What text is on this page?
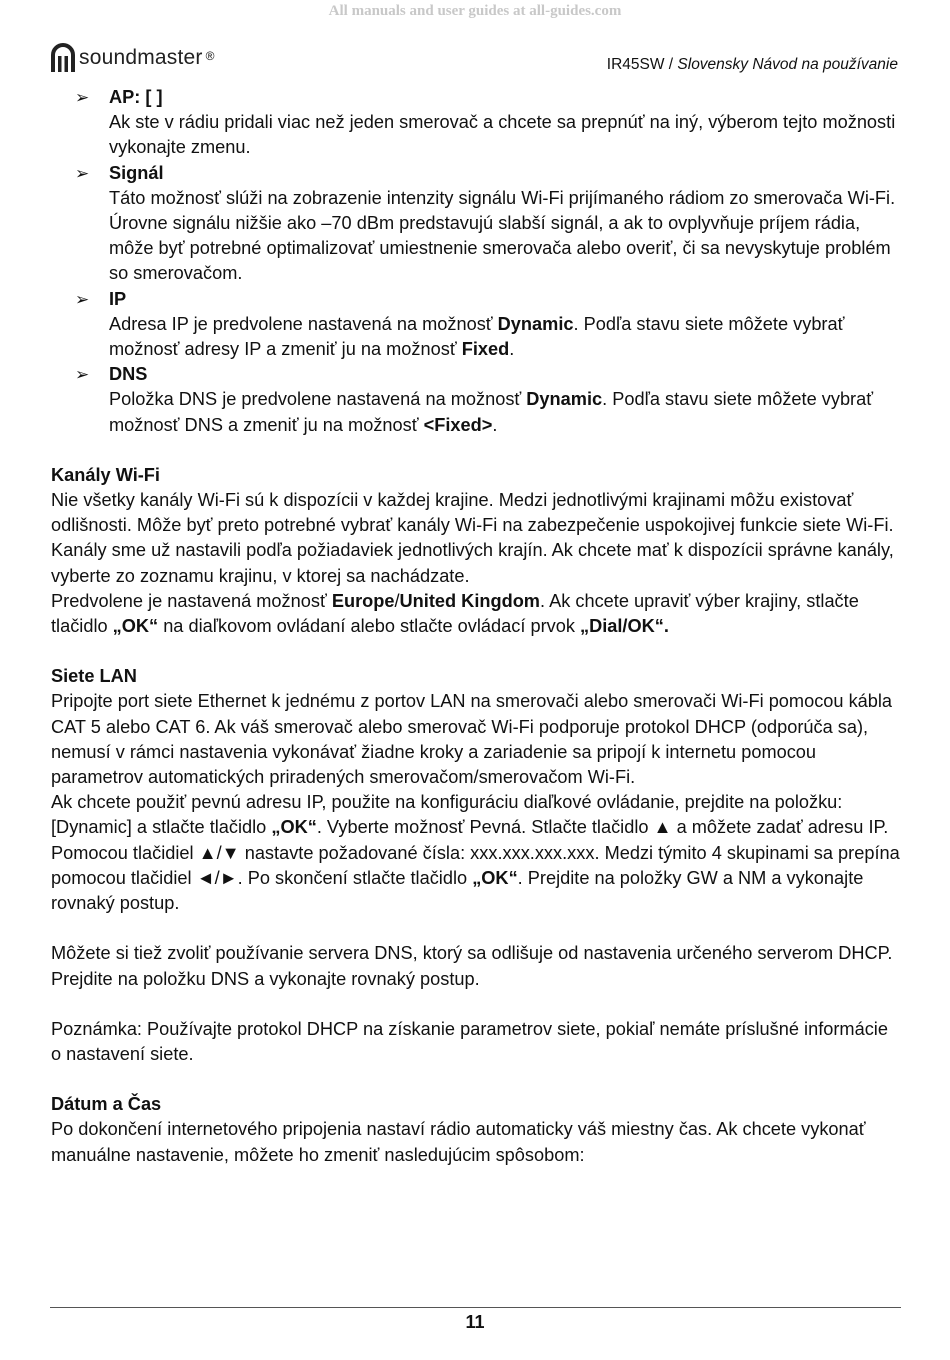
All manuals and user guides at all-guides.com
soundmaster ®	IR45SW / Slovensky Návod na používanie
➢ AP: [ ]

Ak ste v rádiu pridali viac než jeden smerovač a chcete sa prepnúť na iný, výberom tejto možnosti vykonajte zmenu.

➢ Signál

Táto možnosť slúži na zobrazenie intenzity signálu Wi-Fi prijímaného rádiom zo smerovača Wi-Fi. Úrovne signálu nižšie ako –70 dBm predstavujú slabší signál, a ak to ovplyvňuje príjem rádia, môže byť potrebné optimalizovať umiestnenie smerovača alebo overiť, či sa nevyskytuje problém so smerovačom.

➢ IP

Adresa IP je predvolene nastavená na možnosť Dynamic. Podľa stavu siete môžete vybrať možnosť adresy IP a zmeniť ju na možnosť Fixed.

➢ DNS

Položka DNS je predvolene nastavená na možnosť Dynamic. Podľa stavu siete môžete vybrať možnosť DNS a zmeniť ju na možnosť <Fixed>.

Kanály Wi-Fi

Nie všetky kanály Wi-Fi sú k dispozícii v každej krajine. Medzi jednotlivými krajinami môžu existovať odlišnosti. Môže byť preto potrebné vybrať kanály Wi-Fi na zabezpečenie uspokojivej funkcie siete Wi-Fi.

Kanály sme už nastavili podľa požiadaviek jednotlivých krajín. Ak chcete mať k dispozícii správne kanály, vyberte zo zoznamu krajinu, v ktorej sa nachádzate.

Predvolene je nastavená možnosť Europe/United Kingdom. Ak chcete upraviť výber krajiny, stlačte tlačidlo „OK“ na diaľkovom ovládaní alebo stlačte ovládací prvok „Dial/OK“.

Siete LAN

Pripojte port siete Ethernet k jednému z portov LAN na smerovači alebo smerovači Wi-Fi pomocou kábla CAT 5 alebo CAT 6. Ak váš smerovač alebo smerovač Wi-Fi podporuje protokol DHCP (odporúča sa), nemusí v rámci nastavenia vykonávať žiadne kroky a zariadenie sa pripojí k internetu pomocou parametrov automatických priradených smerovačom/smerovačom Wi-Fi.

Ak chcete použiť pevnú adresu IP, použite na konfiguráciu diaľkové ovládanie, prejdite na položku: [Dynamic] a stlačte tlačidlo „OK“. Vyberte možnosť Pevná. Stlačte tlačidlo ▲ a môžete zadať adresu IP. Pomocou tlačidiel ▲/▼ nastavte požadované čísla: xxx.xxx.xxx.xxx. Medzi týmito 4 skupinami sa prepína pomocou tlačidiel ◄/►. Po skončení stlačte tlačidlo „OK“. Prejdite na položky GW a NM a vykonajte rovnaký postup.

Môžete si tiež zvoliť používanie servera DNS, ktorý sa odlišuje od nastavenia určeného serverom DHCP. Prejdite na položku DNS a vykonajte rovnaký postup.

Poznámka: Používajte protokol DHCP na získanie parametrov siete, pokiaľ nemáte príslušné informácie o nastavení siete.

Dátum a Čas

Po dokončení internetového pripojenia nastaví rádio automaticky váš miestny čas. Ak chcete vykonať manuálne nastavenie, môžete ho zmeniť nasledujúcim spôsobom:

11
